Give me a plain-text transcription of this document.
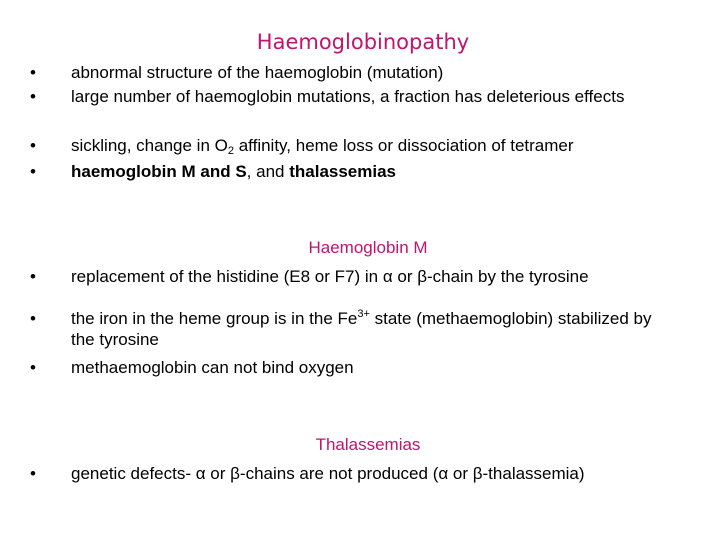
Haemoglobinopathy
• abnormal structure of the haemoglobin (mutation)
• large number of haemoglobin mutations, a fraction has deleterious effects
• sickling, change in $O_2$ affinity, heme loss or dissociation of tetramer
• haemoglobin M and S, and thalassemias
Haemoglobin M
• replacement of the histidine (E8 or F7) in α or β-chain by the tyrosine
• the iron in the heme group is in the $Fe^{3+}$ state (methaemoglobin) stabilized by the tyrosine
• methaemoglobin can not bind oxygen
Thalassemias
• genetic defects- α or β-chains are not produced (α or β-thalassemia)
